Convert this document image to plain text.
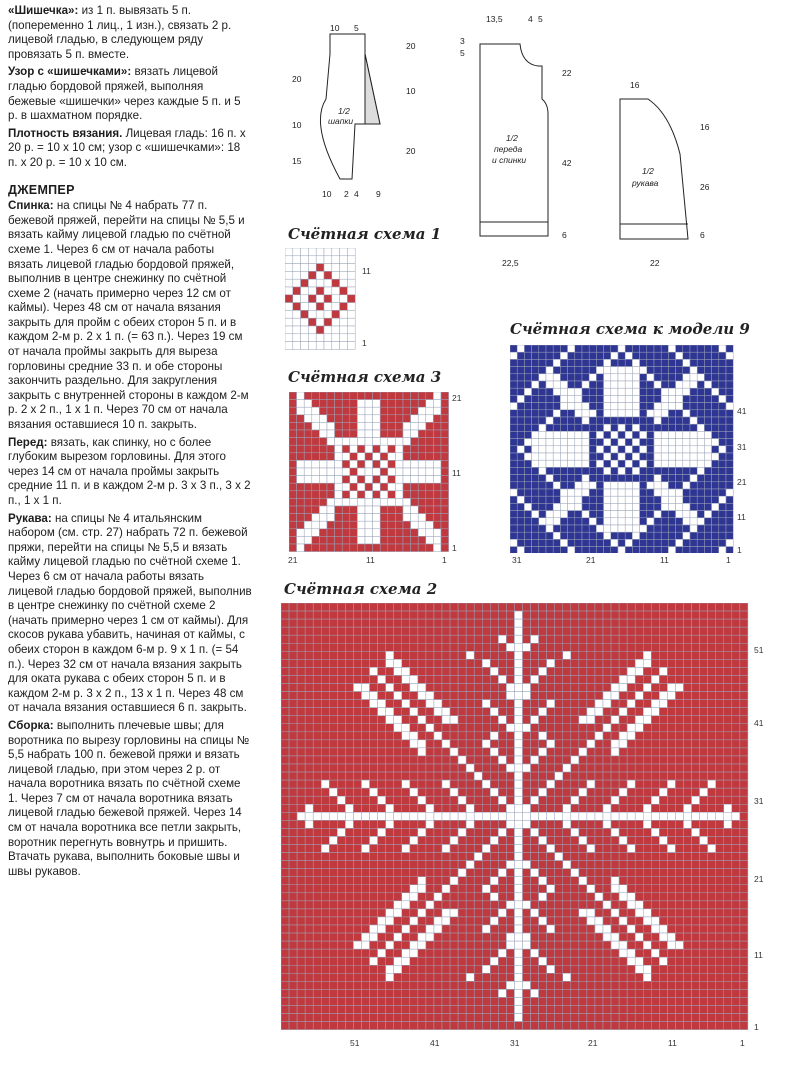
«Шишечка»: из 1 п. вывязать 5 п. (попеременно 1 лиц., 1 изн.), связать 2 р. лицевой гладью, в следующем ряду провязать 5 п. вместе.

Узор с «шишечками»: вязать лицевой гладью бордовой пряжей, выполняя бежевые «шишечки» через каждые 5 п. и 5 р. в шахматном порядке.

Плотность вязания. Лицевая гладь: 16 п. х 20 р. = 10 х 10 см; узор с «шишечками»: 18 п. х 20 р. = 10 х 10 см.

ДЖЕМПЕР

Спинка: на спицы № 4 набрать 77 п. бежевой пряжей, перейти на спицы № 5,5 и вязать кайму лицевой гладью по счётной схеме 1. Через 6 см от начала работы вязать лицевой гладью бордовой пряжей, выполнив в центре снежинку по счётной схеме 2 (начать примерно через 12 см от каймы). Через 48 см от начала вязания закрыть для пройм с обеих сторон 5 п. и в каждом 2-м р. 2 х 1 п. (= 63 п.). Через 19 см от начала проймы закрыть для выреза горловины средние 33 п. и обе стороны закончить раздельно. Для закругления закрыть с внутренней стороны в каждом 2-м р. 2 х 2 п., 1 х 1 п. Через 70 см от начала вязания оставшиеся 10 п. закрыть.

Перед: вязать, как спинку, но с более глубоким вырезом горловины. Для этого через 14 см от начала проймы закрыть средние 11 п. и в каждом 2-м р. 3 х 3 п., 3 х 2 п., 1 х 1 п.

Рукава: на спицы № 4 итальянским набором (см. стр. 27) набрать 72 п. бежевой пряжи, перейти на спицы № 5,5 и вязать кайму лицевой гладью по счётной схеме 1. Через 6 см от начала работы вязать лицевой гладью бордовой пряжей, выполнив в центре снежинку по счётной схеме 2 (начать примерно через 1 см от каймы). Для скосов рукава убавить, начиная от каймы, с обеих сторон в каждом 6-м р. 9 х 1 п. (= 54 п.). Через 32 см от начала вязания закрыть для оката рукава с обеих сторон 5 п. и в каждом 2-м р. 3 х 2 п., 13 х 1 п. Через 48 см от начала вязания оставшиеся 6 п. закрыть.

Сборка: выполнить плечевые швы; для воротника по вырезу горловины на спицы № 5,5 набрать 100 п. бежевой пряжи и вязать лицевой гладью, при этом через 2 р. от начала воротника вязать по счётной схеме 1. Через 7 см от начала воротника вязать лицевой гладью бежевой пряжей. Через 14 см от начала воротника все петли закрыть, воротник перегнуть вовнутрь и пришить. Втачать рукава, выполнить боковые швы и швы рукавов.

10 5
20
10
10
15
20
20
10 2 4 9
1/2
шапки
13,5	4 5
3
5
22
42
6
22,5
1/2
переда
и спинки
16
16
26
6
22
1/2
рукава
Счётная схема 1
Счётная схема 3
Счётная схема к модели 9
Счётная схема 2
11
1
21
11
1
21	11	1
41
31
21
11
1
31	21	11	1
51
41
31
21
11
1
51	41	31	21	11	1
